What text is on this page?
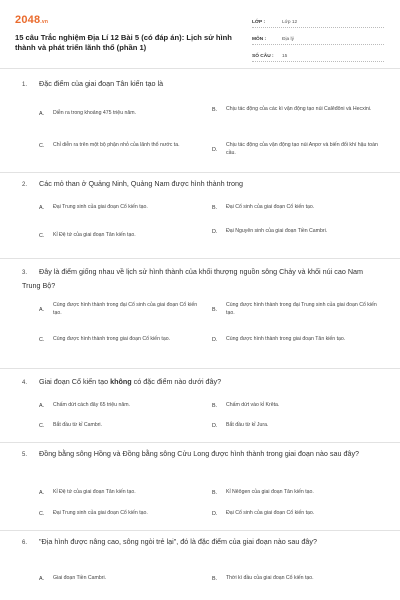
2048.vn
15 câu Trắc nghiệm Địa Lí 12 Bài 5 (có đáp án): Lịch sử hình thành và phát triển lãnh thổ (phần 1)
LỚP :	Lớp 12
MÔN :	Địa lý
SỐ CÂU :	15
1. Đặc điểm của giai đoạn Tân kiến tạo là
A.	Diễn ra trong khoảng 475 triệu năm.
B.	Chịu tác động của các kì vận động tạo núi Calêđôni và Hecxini.
C.	Chỉ diễn ra trên một bộ phận nhỏ của lãnh thổ nước ta.
D.
Chịu tác động của vận động tạo núi Anpơ và biến đổi khí hậu toàn cầu.
2. Các mỏ than ở Quảng Ninh, Quảng Nam được hình thành trong
A.	Đại Trung sinh của giai đoạn Cổ kiến tạo.	B.	Đại Cổ sinh của giai đoạn Cổ kiến tạo.
C.	Kỉ Đệ tứ của giai đoạn Tân kiến tạo.
D.	Đại Nguyên sinh của giai đoạn Tiền Cambri.
3. Đây là điểm giống nhau về lịch sử hình thành của khối thượng nguồn sông Chảy và khối núi cao Nam Trung Bộ?
A.
Cùng được hình thành trong đại Cổ sinh của giai đoạn Cổ kiến tạo.	B.
Cùng được hình thành trong đại Trung sinh của giai đoạn Cổ kiến tạo.
C.	Cùng được hình thành trong giai đoạn Cổ kiến tạo.	D.	Cùng được hình thành trong giai đoạn Tân kiến tạo.
4. Giai đoạn Cổ kiến tạo không có đặc điểm nào dưới đây?
A.	Chấm dứt cách đây 65 triệu năm.	B.	Chấm dứt vào kỉ Krêta.
C.	Bắt đầu từ kỉ Cambri.	D.	Bắt đầu từ kỉ Jura.
5. Đồng bằng sông Hồng và Đồng bằng sông Cửu Long được hình thành trong giai đoạn nào sau đây?
A.	Kỉ Đệ tứ của giai đoạn Tân kiến tạo.	B.	Kỉ Nêôgen của giai đoạn Tân kiến tạo.
C.	Đại Trung sinh của giai đoạn Cổ kiến tạo.	D.	Đại Cổ sinh của giai đoạn Cổ kiến tạo.
6. "Địa hình được nâng cao, sông ngòi trẻ lại", đó là đặc điểm của giai đoạn nào sau đây?
A.	Giai đoạn Tiền Cambri.	B.	Thời kì đầu của giai đoạn Cổ kiến tạo.
